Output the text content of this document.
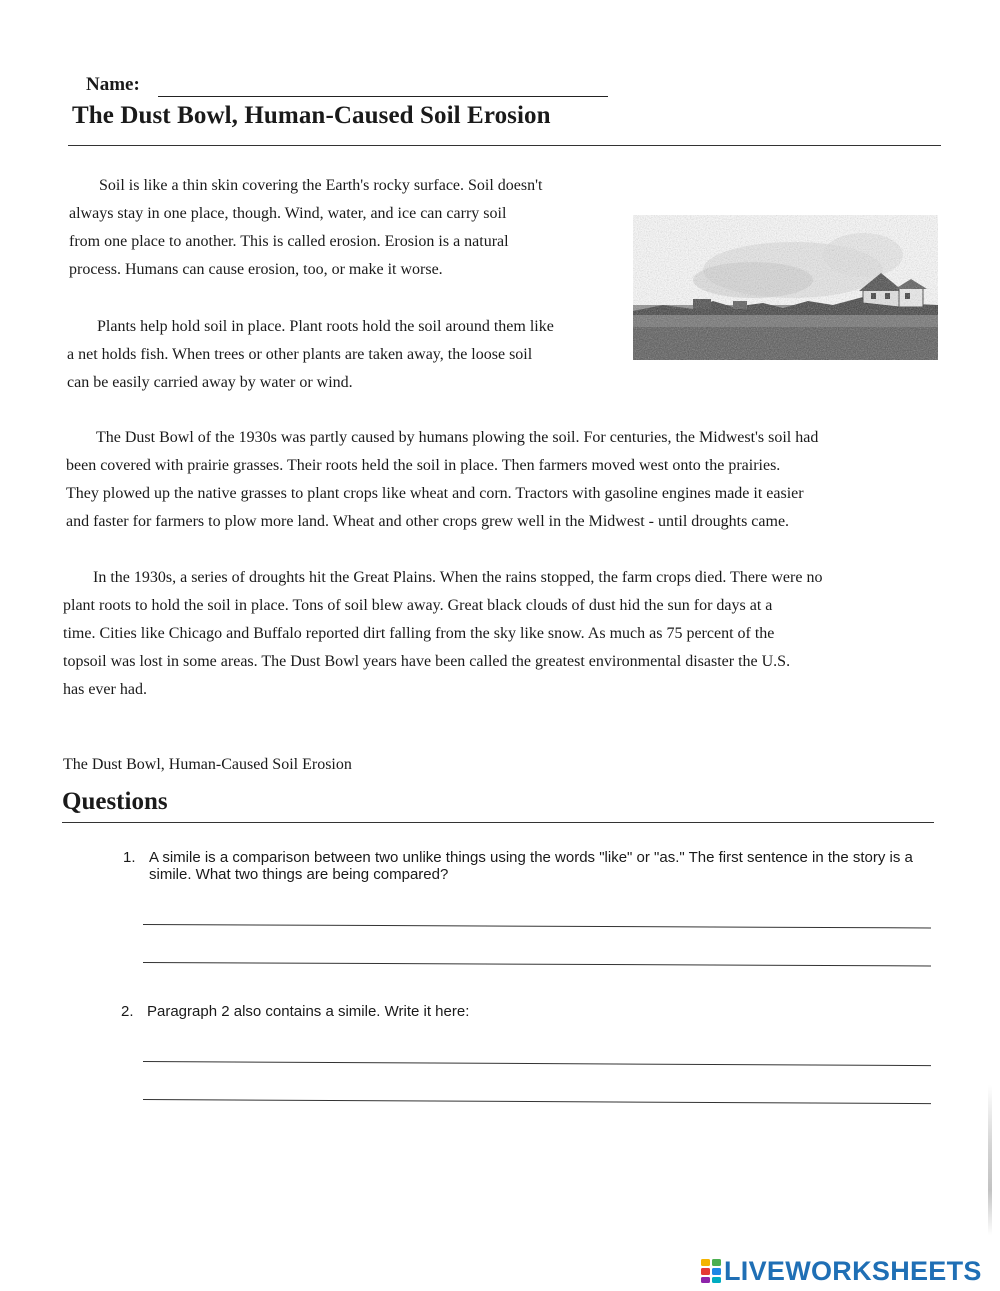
Name:
The Dust Bowl, Human-Caused Soil Erosion
Soil is like a thin skin covering the Earth's rocky surface. Soil doesn't
always stay in one place, though. Wind, water, and ice can carry soil
from one place to another. This is called erosion. Erosion is a natural
process. Humans can cause erosion, too, or make it worse.
Plants help hold soil in place. Plant roots hold the soil around them like
a net holds fish. When trees or other plants are taken away, the loose soil
can be easily carried away by water or wind.
The Dust Bowl of the 1930s was partly caused by humans plowing the soil. For centuries, the Midwest's soil had
been covered with prairie grasses. Their roots held the soil in place. Then farmers moved west onto the prairies.
They plowed up the native grasses to plant crops like wheat and corn. Tractors with gasoline engines made it easier
and faster for farmers to plow more land. Wheat and other crops grew well in the Midwest - until droughts came.
In the 1930s, a series of droughts hit the Great Plains. When the rains stopped, the farm crops died. There were no
plant roots to hold the soil in place. Tons of soil blew away. Great black clouds of dust hid the sun for days at a
time. Cities like Chicago and Buffalo reported dirt falling from the sky like snow. As much as 75 percent of the
topsoil was lost in some areas. The Dust Bowl years have been called the greatest environmental disaster the U.S.
has ever had.
The Dust Bowl, Human-Caused Soil Erosion
Questions
1. A simile is a comparison between two unlike things using the words "like" or "as." The first sentence in the story is a simile. What two things are being compared?
2. Paragraph 2 also contains a simile. Write it here:
LIVEWORKSHEETS
